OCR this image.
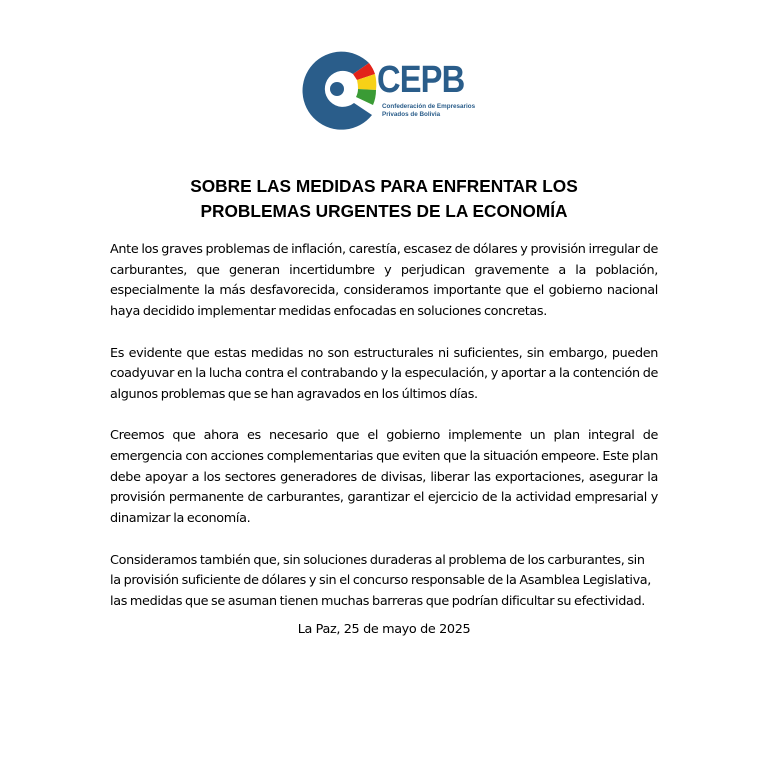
CEPB
Confederación de Empresarios
Privados de Bolivia
SOBRE LAS MEDIDAS PARA ENFRENTAR LOS
PROBLEMAS URGENTES DE LA ECONOMÍA

Ante los graves problemas de inflación, carestía, escasez de dólares y provisión irregular de carburantes, que generan incertidumbre y perjudican gravemente a la población, especialmente la más desfavorecida, consideramos importante que el gobierno nacional haya decidido implementar medidas enfocadas en soluciones concretas.

Es evidente que estas medidas no son estructurales ni suficientes, sin embargo, pueden coadyuvar en la lucha contra el contrabando y la especulación, y aportar a la contención de algunos problemas que se han agravados en los últimos días.

Creemos que ahora es necesario que el gobierno implemente un plan integral de emergencia con acciones complementarias que eviten que la situación empeore. Este plan debe apoyar a los sectores generadores de divisas, liberar las exportaciones, asegurar la provisión permanente de carburantes, garantizar el ejercicio de la actividad empresarial y dinamizar la economía.

Consideramos también que, sin soluciones duraderas al problema de los carburantes, sin la provisión suficiente de dólares y sin el concurso responsable de la Asamblea Legislativa, las medidas que se asuman tienen muchas barreras que podrían dificultar su efectividad.

La Paz, 25 de mayo de 2025
